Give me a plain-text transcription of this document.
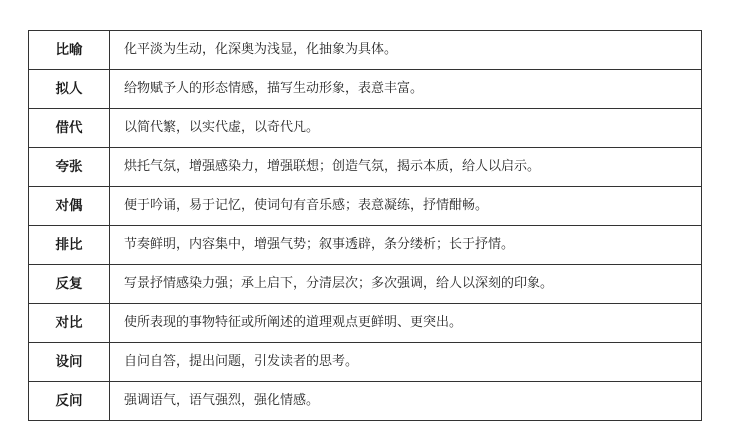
比喻	化平淡为生动，化深奥为浅显，化抽象为具体。
拟人	给物赋予人的形态情感，描写生动形象，表意丰富。
借代	以简代繁，以实代虚，以奇代凡。
夸张	烘托气氛，增强感染力，增强联想；创造气氛，揭示本质，给人以启示。
对偶	便于吟诵，易于记忆，使词句有音乐感；表意凝练，抒情酣畅。
排比	节奏鲜明，内容集中，增强气势；叙事透辟，条分缕析；长于抒情。
反复	写景抒情感染力强；承上启下，分清层次；多次强调，给人以深刻的印象。
对比	使所表现的事物特征或所阐述的道理观点更鲜明、更突出。
设问	自问自答，提出问题，引发读者的思考。
反问	强调语气，语气强烈，强化情感。
